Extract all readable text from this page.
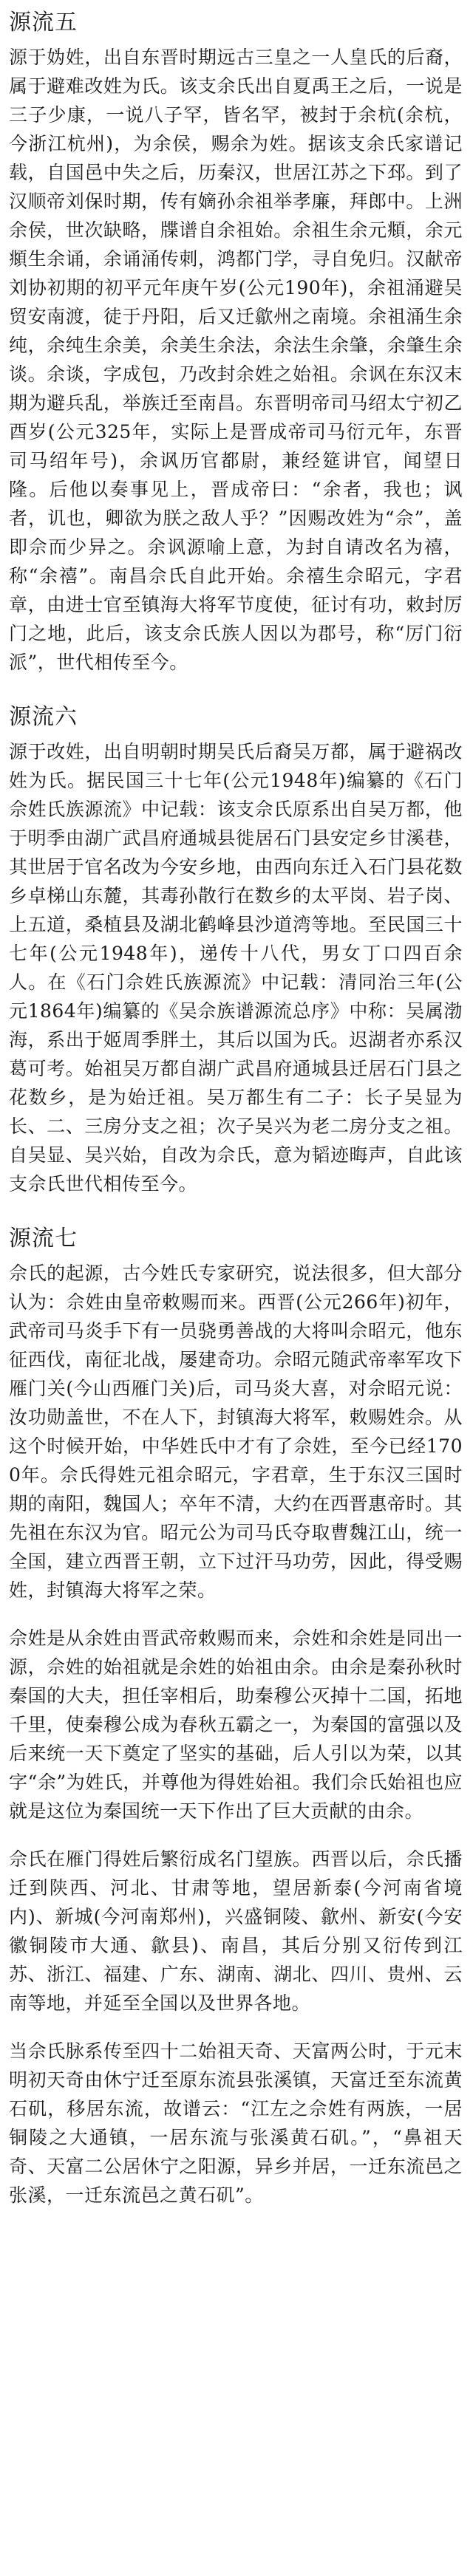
源流五

源于妫姓，出自东晋时期远古三皇之一人皇氏的后裔，属于避难改姓为氏。该支余氏出自夏禹王之后，一说是三子少康，一说八子罕，皆名罕，被封于余杭(余杭，今浙江杭州)，为余侯，赐余为姓。据该支余氏家谱记载，自国邑中失之后，历秦汉，世居江苏之下邳。到了汉顺帝刘保时期，传有嫡孙余祖举孝廉，拜郎中。上洲余侯，世次缺略，牒谱自余祖始。余祖生余元頫，余元頫生余诵，余诵涌传刺，鸿都门学，寻自免归。汉献帝刘协初期的初平元年庚午岁(公元190年)，余祖涌避吴贸安南渡，徒于丹阳，后又迁歙州之南境。余祖涌生余纯，余纯生余美，余美生余法，余法生余肇，余肇生余谈。余谈，字成包，乃改封余姓之始祖。余讽在东汉末期为避兵乱，举族迁至南昌。东晋明帝司马绍太宁初乙酉岁(公元325年，实际上是晋成帝司马衍元年，东晋司马绍年号)，余讽历官都尉，兼经筵讲官，闻望日隆。后他以奏事见上，晋成帝曰：“余者，我也；讽者，讥也，卿欲为朕之敌人乎？”因赐改姓为“佘”，盖即佘而少异之。余讽源喻上意，为封自请改名为禧，称“余禧”。南昌佘氏自此开始。余禧生佘昭元，字君章，由进士官至镇海大将军节度使，征讨有功，敕封厉门之地，此后，该支佘氏族人因以为郡号，称“厉门衍派”，世代相传至今。

源流六

源于改姓，出自明朝时期吴氏后裔吴万都，属于避祸改姓为氏。据民国三十七年(公元1948年)编纂的《石门佘姓氏族源流》中记载：该支佘氏原系出自吴万都，他于明季由湖广武昌府通城县徙居石门县安定乡甘溪巷，其世居于官名改为今安乡地，由西向东迁入石门县花数乡卓梯山东麓，其毒孙散行在数乡的太平岗、岩子岗、上五道，桑植县及湖北鹤峰县沙道湾等地。至民国三十七年(公元1948年)，递传十八代，男女丁口四百余人。在《石门佘姓氏族源流》中记载：清同治三年(公元1864年)编纂的《吴佘族谱源流总序》中称：吴属渤海，系出于姬周季胖土，其后以国为氏。迟湖者亦系汉葛可考。始祖吴万都自湖广武昌府通城县迁居石门县之花数乡，是为始迁祖。吴万都生有二子：长子吴显为长、二、三房分支之祖；次子吴兴为老二房分支之祖。自吴显、吴兴始，自改为佘氏，意为韬迹晦声，自此该支佘氏世代相传至今。

源流七

佘氏的起源，古今姓氏专家研究，说法很多，但大部分认为：佘姓由皇帝敕赐而来。西晋(公元266年)初年，武帝司马炎手下有一员骁勇善战的大将叫佘昭元，他东征西伐，南征北战，屡建奇功。佘昭元随武帝率军攻下雁门关(今山西雁门关)后，司马炎大喜，对佘昭元说：汝功勋盖世，不在人下，封镇海大将军，敕赐姓佘。从这个时候开始，中华姓氏中才有了佘姓，至今已经1700年。佘氏得姓元祖佘昭元，字君章，生于东汉三国时期的南阳，魏国人；卒年不清，大约在西晋惠帝时。其先祖在东汉为官。昭元公为司马氏夺取曹魏江山，统一全国，建立西晋王朝，立下过汗马功劳，因此，得受赐姓，封镇海大将军之荣。

佘姓是从余姓由晋武帝敕赐而来，佘姓和余姓是同出一源，佘姓的始祖就是余姓的始祖由余。由余是秦孙秋时秦国的大夫，担任宰相后，助秦穆公灭掉十二国，拓地千里，使秦穆公成为春秋五霸之一，为秦国的富强以及后来统一天下奠定了坚实的基础，后人引以为荣，以其字“余”为姓氏，并尊他为得姓始祖。我们佘氏始祖也应就是这位为秦国统一天下作出了巨大贡献的由余。

佘氏在雁门得姓后繁衍成名门望族。西晋以后，佘氏播迁到陕西、河北、甘肃等地，望居新泰(今河南省境内)、新城(今河南郑州)，兴盛铜陵、歙州、新安(今安徽铜陵市大通、歙县)、南昌，其后分别又衍传到江苏、浙江、福建、广东、湖南、湖北、四川、贵州、云南等地，并延至全国以及世界各地。

当佘氏脉系传至四十二始祖天奇、天富两公时，于元末明初天奇由休宁迁至原东流县张溪镇，天富迁至东流黄石矶，移居东流，故谱云：“江左之佘姓有两族，一居铜陵之大通镇，一居东流与张溪黄石矶。”，“鼻祖天奇、天富二公居休宁之阳源，异乡并居，一迁东流邑之张溪，一迁东流邑之黄石矶”。
